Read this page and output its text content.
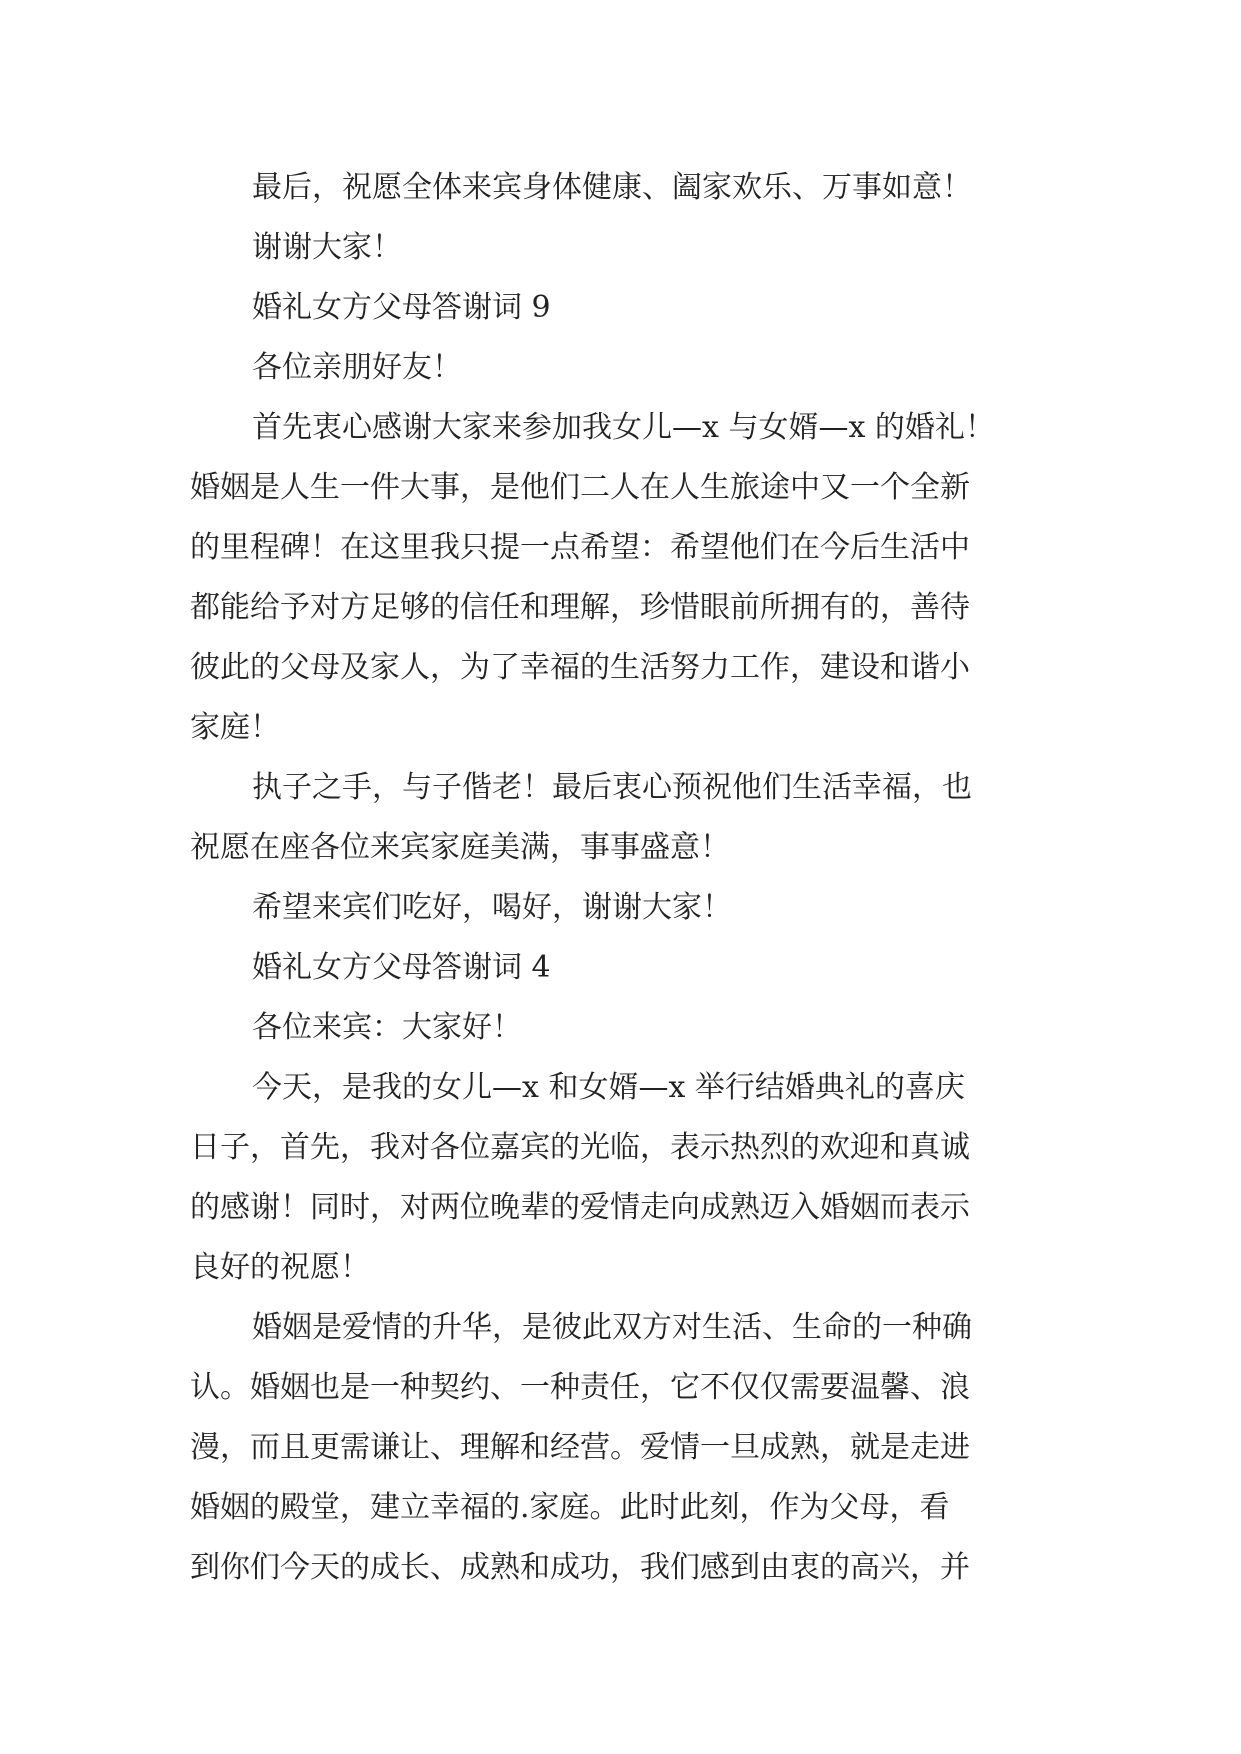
最后，祝愿全体来宾身体健康、阖家欢乐、万事如意！
谢谢大家！
婚礼女方父母答谢词 9
各位亲朋好友！
首先衷心感谢大家来参加我女儿—x 与女婿—x 的婚礼！
婚姻是人生一件大事，是他们二人在人生旅途中又一个全新
的里程碑！在这里我只提一点希望：希望他们在今后生活中
都能给予对方足够的信任和理解，珍惜眼前所拥有的，善待
彼此的父母及家人，为了幸福的生活努力工作，建设和谐小
家庭！
执子之手，与子偕老！最后衷心预祝他们生活幸福，也
祝愿在座各位来宾家庭美满，事事盛意！
希望来宾们吃好，喝好，谢谢大家！
婚礼女方父母答谢词 4
各位来宾：大家好！
今天，是我的女儿—x 和女婿—x 举行结婚典礼的喜庆
日子，首先，我对各位嘉宾的光临，表示热烈的欢迎和真诚
的感谢！同时，对两位晚辈的爱情走向成熟迈入婚姻而表示
良好的祝愿！
婚姻是爱情的升华，是彼此双方对生活、生命的一种确
认。婚姻也是一种契约、一种责任，它不仅仅需要温馨、浪
漫，而且更需谦让、理解和经营。爱情一旦成熟，就是走进
婚姻的殿堂，建立幸福的.家庭。此时此刻，作为父母，看
到你们今天的成长、成熟和成功，我们感到由衷的高兴，并
